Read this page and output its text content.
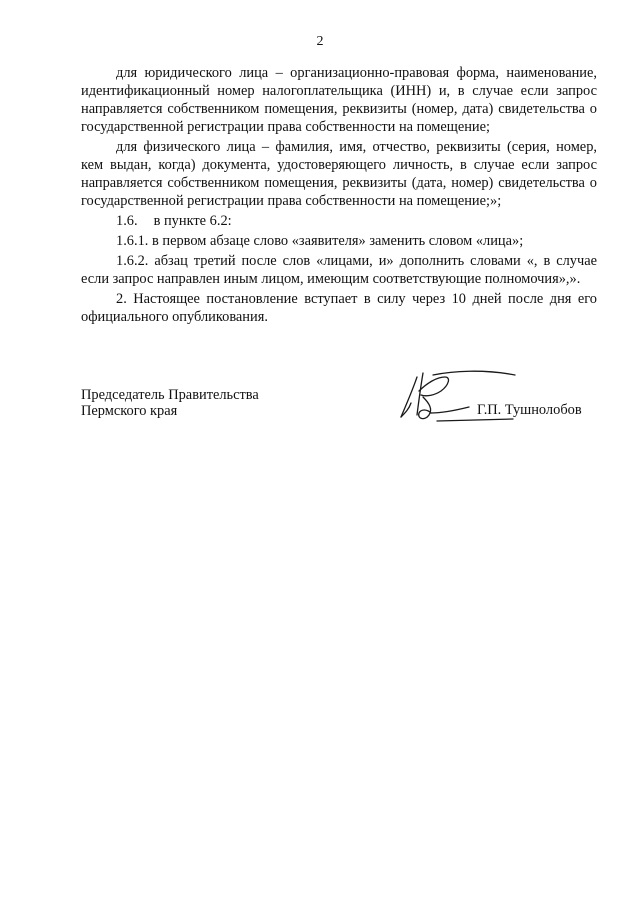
2

для юридического лица – организационно-правовая форма, наименование, идентификационный номер налогоплательщика (ИНН) и, в случае если запрос направляется собственником помещения, реквизиты (номер, дата) свидетельства о государственной регистрации права собственности на помещение;

для физического лица – фамилия, имя, отчество, реквизиты (серия, номер, кем выдан, когда) документа, удостоверяющего личность, в случае если запрос направляется собственником помещения, реквизиты (дата, номер) свидетельства о государственной регистрации права собственности на помещение;»;

1.6. в пункте 6.2:

1.6.1. в первом абзаце слово «заявителя» заменить словом «лица»;

1.6.2. абзац третий после слов «лицами, и» дополнить словами «, в случае если запрос направлен иным лицом, имеющим соответствующие полномочия»,».

2. Настоящее постановление вступает в силу через 10 дней после дня его официального опубликования.

Председатель Правительства
Пермского края	Г.П. Тушнолобов
